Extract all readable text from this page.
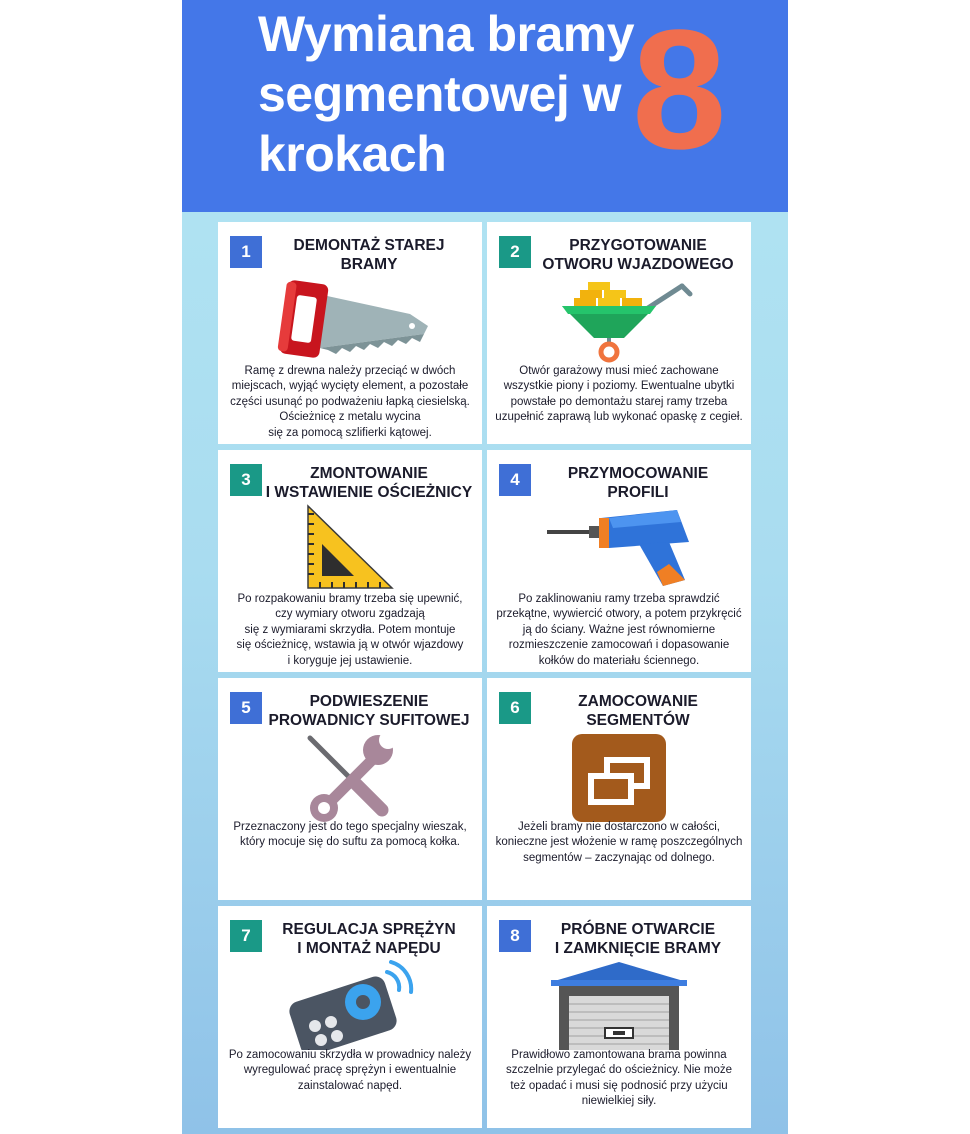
Wymiana bramy
segmentowej w
krokach	8
1	DEMONTAŻ STAREJ
BRAMY
Ramę z drewna należy przeciąć w dwóch
miejscach, wyjąć wycięty element, a pozostałe
części usunąć po podważeniu łapką ciesielską.
Ościeżnicę z metalu wycina
się za pomocą szlifierki kątowej.
2	PRZYGOTOWANIE
OTWORU WJAZDOWEGO
Otwór garażowy musi mieć zachowane
wszystkie piony i poziomy. Ewentualne ubytki
powstałe po demontażu starej ramy trzeba
uzupełnić zaprawą lub wykonać opaskę z cegieł.
3	ZMONTOWANIE
I WSTAWIENIE OŚCIEŻNICY
Po rozpakowaniu bramy trzeba się upewnić,
czy wymiary otworu zgadzają
się z wymiarami skrzydła. Potem montuje
się ościeżnicę, wstawia ją w otwór wjazdowy
i koryguje jej ustawienie.
4	PRZYMOCOWANIE
PROFILI
Po zaklinowaniu ramy trzeba sprawdzić
przekątne, wywiercić otwory, a potem przykręcić
ją do ściany. Ważne jest równomierne
rozmieszczenie zamocowań i dopasowanie
kołków do materiału ściennego.
5	PODWIESZENIE
PROWADNICY SUFITOWEJ
Przeznaczony jest do tego specjalny wieszak,
który mocuje się do suftu za pomocą kołka.
6	ZAMOCOWANIE
SEGMENTÓW
Jeżeli bramy nie dostarczono w całości,
konieczne jest włożenie w ramę poszczególnych
segmentów – zaczynając od dolnego.
7	REGULACJA SPRĘŻYN
I MONTAŻ NAPĘDU
Po zamocowaniu skrzydła w prowadnicy należy
wyregulować pracę sprężyn i ewentualnie
zainstalować napęd.
8	PRÓBNE OTWARCIE
I ZAMKNIĘCIE BRAMY
Prawidłowo zamontowana brama powinna
szczelnie przylegać do ościeżnicy. Nie może
też opadać i musi się podnosić przy użyciu
niewielkiej siły.
